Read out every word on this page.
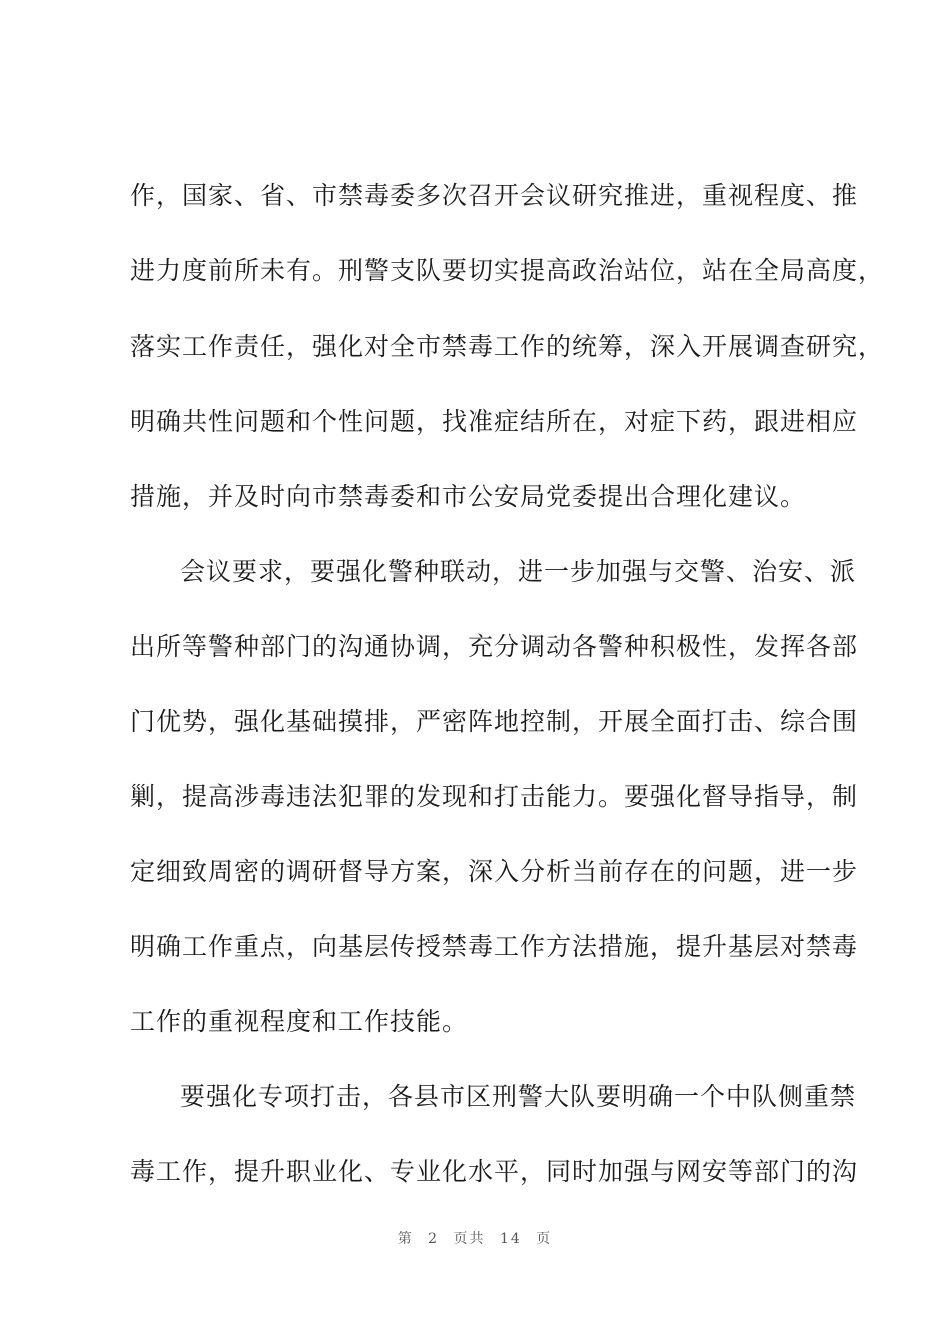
作，国家、省、市禁毒委多次召开会议研究推进，重视程度、推
进力度前所未有。刑警支队要切实提高政治站位，站在全局高度，
落实工作责任，强化对全市禁毒工作的统筹，深入开展调查研究，
明确共性问题和个性问题，找准症结所在，对症下药，跟进相应
措施，并及时向市禁毒委和市公安局党委提出合理化建议。
会议要求，要强化警种联动，进一步加强与交警、治安、派
出所等警种部门的沟通协调，充分调动各警种积极性，发挥各部
门优势，强化基础摸排，严密阵地控制，开展全面打击、综合围
剿，提高涉毒违法犯罪的发现和打击能力。要强化督导指导，制
定细致周密的调研督导方案，深入分析当前存在的问题，进一步
明确工作重点，向基层传授禁毒工作方法措施，提升基层对禁毒
工作的重视程度和工作技能。
要强化专项打击，各县市区刑警大队要明确一个中队侧重禁
毒工作，提升职业化、专业化水平，同时加强与网安等部门的沟
第 2 页共 14 页
